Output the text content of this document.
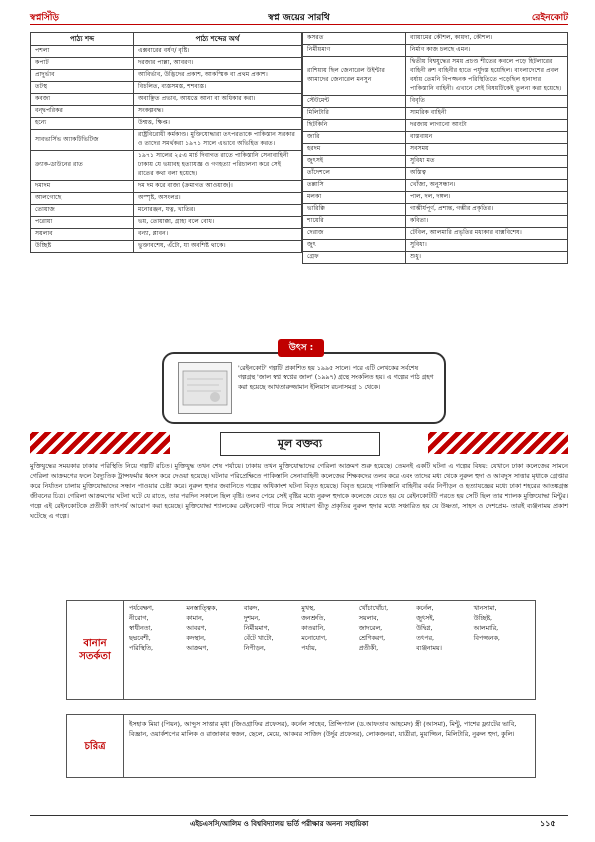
স্বপ্নসিঁড়ি	স্বপ্ন জয়ের সারথি	রেইনকোট
পাঠ্য শব্দ	পাঠ্য শব্দের অর্থ
পশলা	এক্সবারের বর্ষণ/ বৃষ্টি।
কপাট	দরজার পাল্লা, আবরণ।
প্রাদুর্ভাব	আবির্ভাব, উদ্ভিদের প্রকাশ, আকস্মিক বা প্রথম প্রকাশ।
তটস্থ	বিচলিত, ব্যস্তসমস্ত, শশব্যস্ত।
কবজা	অবাঞ্ছিত প্রভাব, আয়ত্তে আনা বা অধিকার করা।
বন্দ্বপরিকর	সংকল্পবদ্ধ।
হন্যে	উন্মত্ত, ক্ষিপ্ত।
সাবভার্সিভ অ্যাকটিভিটিজ	রাষ্ট্রবিরোধী কর্মকাণ্ড। মুক্তিযোদ্ধারা তৎপরতাকে পাকিস্তান সরকার ও তাদের সমর্থকরা ১৯৭১ সালে এভাবে অভিহিত করত।
ক্র্যাক-ডাউনের রাত	১৯৭১ সালের ২৫এ মার্চ দিবাগত রাতে পাকিস্তানি সেনাবাহিনী ঢাকায় যে ভয়াবহ হত্যাযজ্ঞ ও গণহত্যা পরিচালনা করে সেই রাতের কথা বলা হয়েছে।
দমাদম	দম দম করে বাজা (ক্রমাগত আওয়াজ)।
আলগোছে	অস্পৃষ্ট, অসংলগ্ন।
তোয়াজ	মনোরঞ্জন, যত্ন, খাতির।
পরোয়া	ভয়, তোয়াক্কা, গ্রাহ্য বলে বোধ।
সয়লাব	বন্যা, প্লাবন।
উচ্ছিষ্ট	ভুক্তাবশেষ, এঁটো, যা অবশিষ্ট থাকে।
কসরত	ব্যায়ামের কৌশল, কায়দা, কৌশল।
নির্মীয়মাণ	নির্মাণ কাজ চলছে এমন।
রাশিয়ায় ছিল জেনারেল উইন্টার আমাদের জেনারেল মনসুন	দ্বিতীয় বিশ্বযুদ্ধের সময় প্রচণ্ড শীতের কবলে পড়ে হিটলারের বাহিনী রুশ বাহিনীর হাতে পর্যুদস্ত হয়েছিল। বাংলাদেশের প্রবল বর্ষায় তেমনি বিপজ্জনক পরিস্থিতিতে পড়েছিল হানাদার পাকিস্তানি বাহিনী। এখানে সেই বিষয়টিকেই তুলনা করা হয়েছে।
স্টেটমেন্ট	বিবৃতি
মিলিটারি	সামরিক বাহিনী
ছিটকিনি	দরজায় লাগানো আংটা
জারি	বাস্তবায়ন
হরদম	সবসময়
জুৎসই	সুবিধা মত
তাঁদেশলে	অস্তিত্ব
তল্লাসি	খোঁজা, অনুসন্ধান।
মলকা	পাল, দল, দঙ্গল।
ভারিক্কি	গাম্ভীর্যপূর্ণ, প্রশান্ত, গম্ভীর প্রকৃতির।
শায়েরি	কবিতা।
দেরাজ	টেবিল, আলমারি প্রভৃতির মধ্যকার বাক্সবিশেষ।
জুৎ	সুবিধা।
গ্রেফ	শুধু।
উৎস :
'রেইনকোট' গল্পটি প্রকাশিত হয় ১৯৯৫ সালে। পরে এটি লেখকের সর্বশেষ গল্পগ্রন্থ 'জাল স্বপ্ন স্বপ্নের জাল' (১৯৯৭) গ্রন্থে সংকলিত হয়। এ গল্পের পাঠ গ্রহণ করা হয়েছে আখতারুজ্জামান ইলিয়াস রচনাসমগ্র ১ থেকে।
মূল বক্তব্য
মুক্তিযুদ্ধের সময়কার ঢাকার পরিস্থিতি নিয়ে গল্পটি রচিত। মুক্তিযুদ্ধ তখন শেষ পর্যায়ে। ঢাকায় তখন মুক্তিযোদ্ধাদের গেরিলা আক্রমণ শুরু হয়েছে। তেমনই একটি ঘটনা এ গল্পের বিষয়: যেখানে ঢাকা কলেজের সামনে গেরিলা আক্রমণের ফলে বৈদ্যুতিক ট্রান্সফর্মার ধ্বংস করে দেওয়া হয়েছে। ঘটনার পরিপ্রেক্ষিতে পাকিস্তানি সেনাবাহিনী কলেজের শিক্ষকদের তলব করে এবং তাদের মধ্য থেকে নুরুল হুদা ও আবদুস সাত্তার মৃধাকে গ্রেপ্তার করে নির্যাতন চালায় মুক্তিযোদ্ধাদের সন্ধান পাওয়ার চেষ্টা করে। নুরুল হুদার জবানিতে গল্পের অধিকাংশ ঘটনা বিবৃত হয়েছে। বিবৃত হয়েছে পাকিস্তানি বাহিনীর বর্বর নিপীড়ন ও হত্যাযজ্ঞের মধ্যে ঢাকা শহরের আতঙ্কগ্রস্ত জীবনের চিত্র। গেরিলা আক্রমণের ঘটনা ঘটে যে রাতে, তার পরদিন সকালে ছিল বৃষ্টি। তলব পেয়ে সেই বৃষ্টির মধ্যে নুরুল হুদাকে কলেজে যেতে হয় যে রেইনকোটটি পরতে হয় সেটি ছিল তার শ্যালক মুক্তিযোদ্ধা মিন্টুর। গল্পে এই রেইনকোটকে প্রতীকী তাৎপর্য আরোপ করা হয়েছে। মুক্তিযোদ্ধা শ্যালকের রেইনকোট গায়ে দিয়ে সাধারণ ভীতু প্রকৃতির নুরুল হুদার মধ্যে সঞ্চারিত হয় যে উষ্ণতা, সাহস ও দেশপ্রেম- তারই ব্যঞ্জনাময় প্রকাশ ঘটেছে এ গল্পে।
বানান
সতর্কতা
পর্যবেক্ষণ,	মনস্তাত্ত্বিক,	বারুদ,	মুখস্থ,	খোঁচাখোঁচা,	কর্নেল,	খানসামা,
নীরোগ,	কামান,	দুশমন,	জনশ্রুতি,	সয়লাব,	জুৎসই,	উচ্ছিষ্ট,
স্বাধীনতা,	আবরণ,	নির্মীয়মাণ,	কাতরানি,	জাদরেল,	উদ্বিগ্ন,	আলমারি,
ছদ্মবেশী,	কদস্থান,	বেঁটে খাটো,	মনোযোগ,	শ্রেণিকরণ,	তৎপর,	বিপজ্জনক,
পরিস্থিতি,	আক্রমণ,	নিপীড়ন,	পর্যায়,	প্রতীকী,	ব্যঞ্জনাময়।
চরিত্র
ইসহাক মিয়া (পিয়ন), আব্দুস সাত্তার মৃধা (জিওগ্রাফির প্রফেসর), কর্নেল সাহেব, প্রিন্সিপ্যাল (ড.আফতাব আহমেদ) স্ত্রী (আসমা), মিন্টু, পাশের ফ্ল্যাটের ভাবি, বিজ্ঞান, ওয়ার্কশপের মালিক ও রাজাকার স্বজন, ছেলে, মেয়ে, আকবর সাজিদ (উর্দুর প্রফেসর), লোকজনরা, যাত্রীরা, মুয়াজ্জিন, মিলিটারি, নুরুল হুদা, কুলি।
এইচএসসি/আলিম ও বিশ্ববিদ্যালয় ভর্তি পরীক্ষার অনন্য সহায়িকা	১১৫
